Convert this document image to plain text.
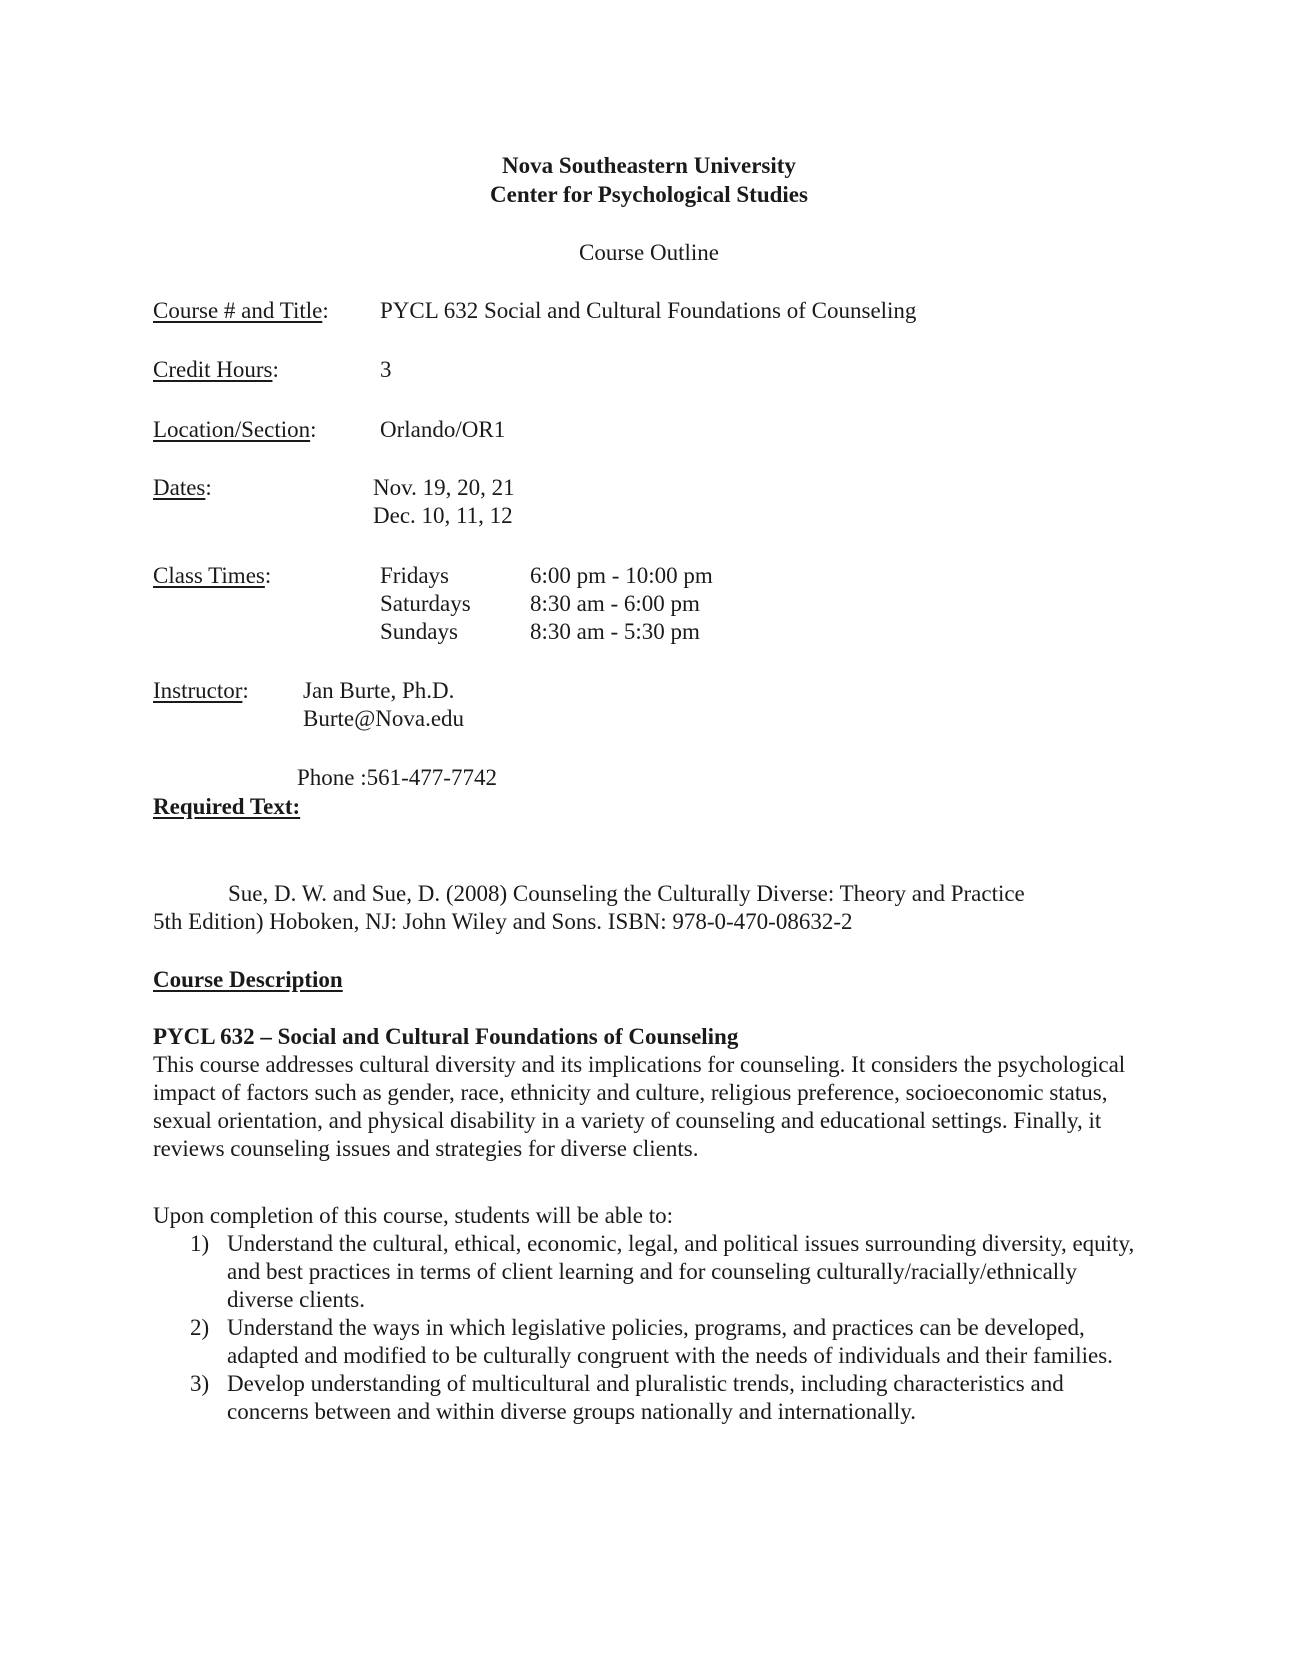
Nova Southeastern University
Center for Psychological Studies
Course Outline
Course # and Title: PYCL 632 Social and Cultural Foundations of Counseling
Credit Hours:	3
Location/Section:	Orlando/OR1
Dates:	Nov. 19, 20, 21
Dec. 10, 11, 12
Class Times:	Fridays	6:00 pm - 10:00 pm
Saturdays	8:30 am - 6:00 pm
Sundays	8:30 am - 5:30 pm
Instructor: Jan Burte, Ph.D.
Burte@Nova.edu
Phone :561-477-7742
Required Text:
Sue, D. W. and Sue, D. (2008) Counseling the Culturally Diverse: Theory and Practice
5th Edition) Hoboken, NJ: John Wiley and Sons. ISBN: 978-0-470-08632-2
Course Description
PYCL 632 – Social and Cultural Foundations of Counseling
This course addresses cultural diversity and its implications for counseling. It considers the psychological impact of factors such as gender, race, ethnicity and culture, religious preference, socioeconomic status, sexual orientation, and physical disability in a variety of counseling and educational settings. Finally, it reviews counseling issues and strategies for diverse clients.
Upon completion of this course, students will be able to:
1) Understand the cultural, ethical, economic, legal, and political issues surrounding diversity, equity, and best practices in terms of client learning and for counseling culturally/racially/ethnically diverse clients.
2) Understand the ways in which legislative policies, programs, and practices can be developed, adapted and modified to be culturally congruent with the needs of individuals and their families.
3) Develop understanding of multicultural and pluralistic trends, including characteristics and concerns between and within diverse groups nationally and internationally.
